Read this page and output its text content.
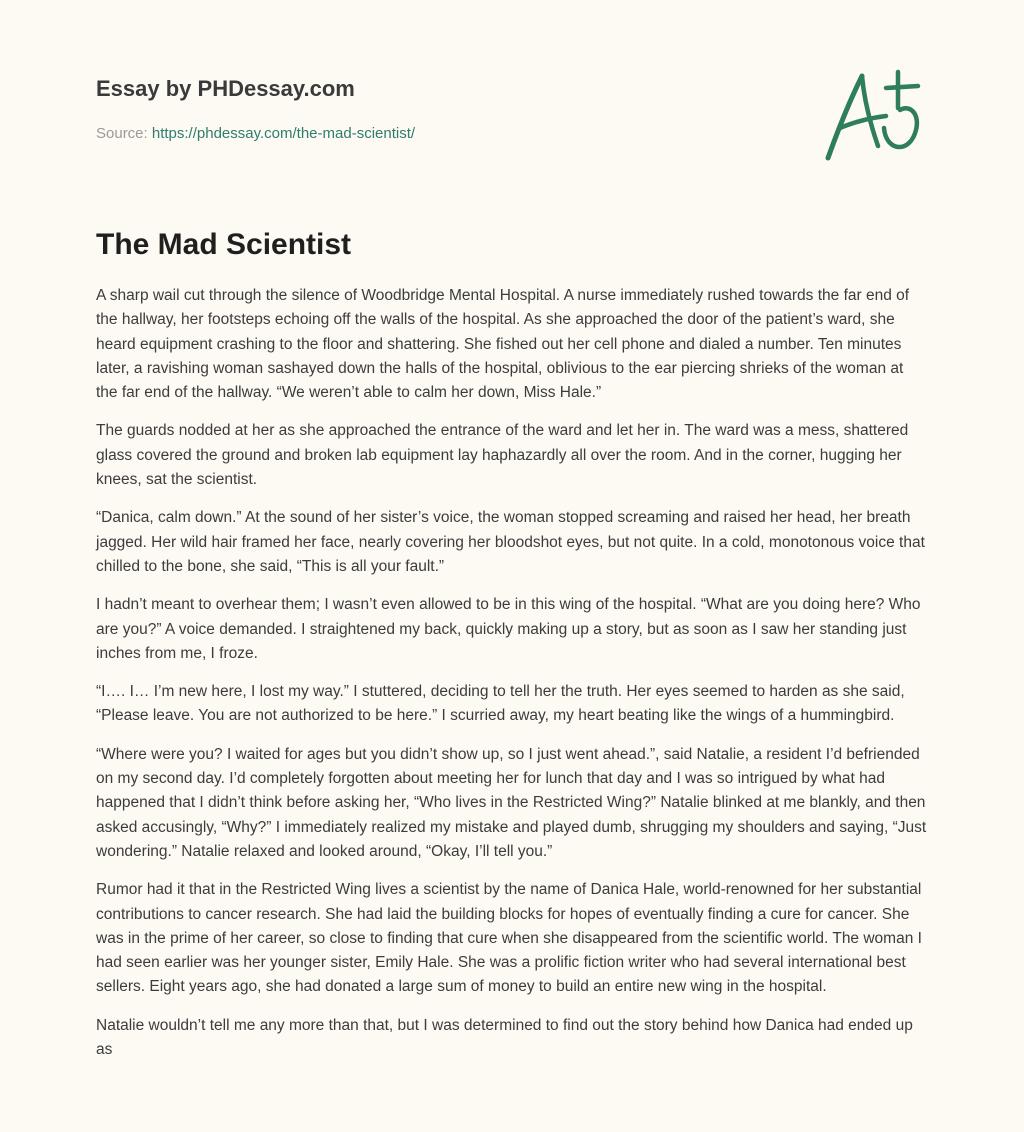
Essay by PHDessay.com
Source: https://phdessay.com/the-mad-scientist/
The Mad Scientist

A sharp wail cut through the silence of Woodbridge Mental Hospital. A nurse immediately rushed towards the far end of the hallway, her footsteps echoing off the walls of the hospital. As she approached the door of the patient’s ward, she heard equipment crashing to the floor and shattering. She fished out her cell phone and dialed a number. Ten minutes later, a ravishing woman sashayed down the halls of the hospital, oblivious to the ear piercing shrieks of the woman at the far end of the hallway. “We weren’t able to calm her down, Miss Hale.”

The guards nodded at her as she approached the entrance of the ward and let her in. The ward was a mess, shattered glass covered the ground and broken lab equipment lay haphazardly all over the room. And in the corner, hugging her knees, sat the scientist.

“Danica, calm down.” At the sound of her sister’s voice, the woman stopped screaming and raised her head, her breath jagged. Her wild hair framed her face, nearly covering her bloodshot eyes, but not quite. In a cold, monotonous voice that chilled to the bone, she said, “This is all your fault.”

I hadn’t meant to overhear them; I wasn’t even allowed to be in this wing of the hospital. “What are you doing here? Who are you?” A voice demanded. I straightened my back, quickly making up a story, but as soon as I saw her standing just inches from me, I froze.

“I…. I… I’m new here, I lost my way.” I stuttered, deciding to tell her the truth. Her eyes seemed to harden as she said, “Please leave. You are not authorized to be here.” I scurried away, my heart beating like the wings of a hummingbird.

“Where were you? I waited for ages but you didn’t show up, so I just went ahead.”, said Natalie, a resident I’d befriended on my second day. I’d completely forgotten about meeting her for lunch that day and I was so intrigued by what had happened that I didn’t think before asking her, “Who lives in the Restricted Wing?” Natalie blinked at me blankly, and then asked accusingly, “Why?” I immediately realized my mistake and played dumb, shrugging my shoulders and saying, “Just wondering.” Natalie relaxed and looked around, “Okay, I’ll tell you.”

Rumor had it that in the Restricted Wing lives a scientist by the name of Danica Hale, world-renowned for her substantial contributions to cancer research. She had laid the building blocks for hopes of eventually finding a cure for cancer. She was in the prime of her career, so close to finding that cure when she disappeared from the scientific world. The woman I had seen earlier was her younger sister, Emily Hale. She was a prolific fiction writer who had several international best sellers. Eight years ago, she had donated a large sum of money to build an entire new wing in the hospital.

Natalie wouldn’t tell me any more than that, but I was determined to find out the story behind how Danica had ended up as
